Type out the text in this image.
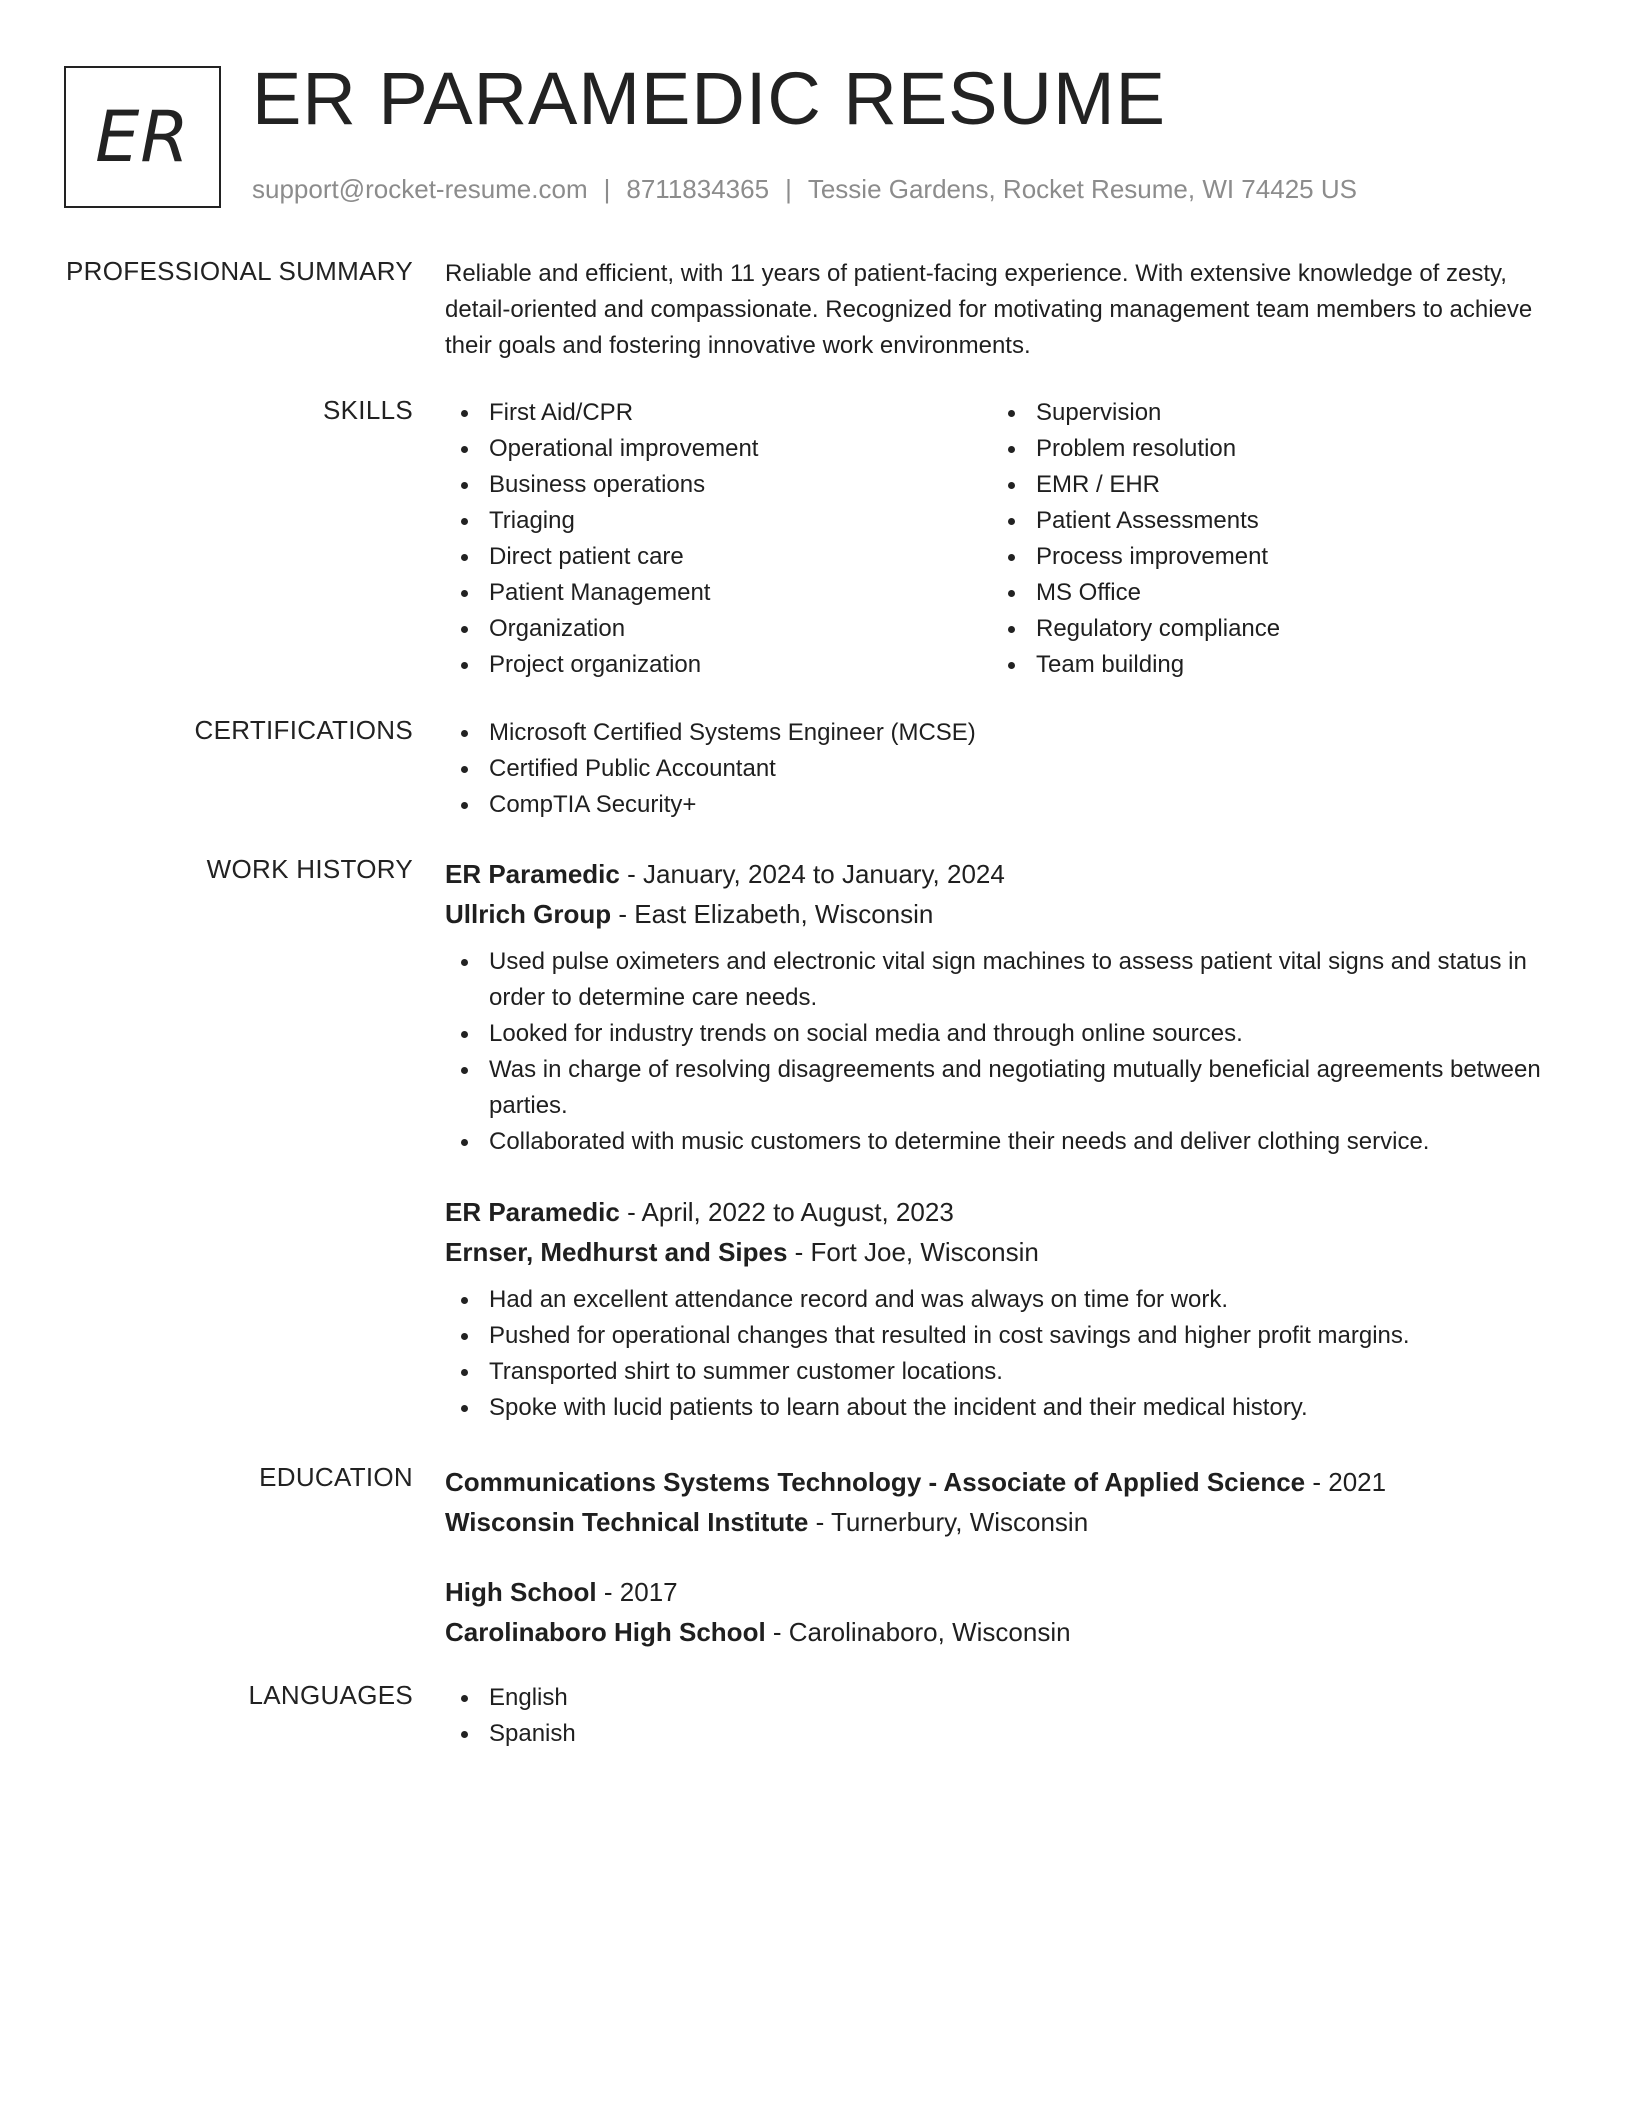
ER ER PARAMEDIC RESUME
support@rocket-resume.com | 8711834365 | Tessie Gardens, Rocket Resume, WI 74425 US
PROFESSIONAL SUMMARY Reliable and efficient, with 11 years of patient-facing experience. With extensive knowledge of zesty, detail-oriented and compassionate. Recognized for motivating management team members to achieve their goals and fostering innovative work environments.
SKILLS	First Aid/CPR
Operational improvement
Business operations
Triaging
Direct patient care
Patient Management
Organization
Project organization
Supervision
Problem resolution
EMR / EHR
Patient Assessments
Process improvement
MS Office
Regulatory compliance
Team building
CERTIFICATIONS	Microsoft Certified Systems Engineer (MCSE)
Certified Public Accountant
CompTIA Security+
WORK HISTORY ER Paramedic - January, 2024 to January, 2024
Ullrich Group - East Elizabeth, Wisconsin
Used pulse oximeters and electronic vital sign machines to assess patient vital signs and status in order to determine care needs.
Looked for industry trends on social media and through online sources.
Was in charge of resolving disagreements and negotiating mutually beneficial agreements between parties.
Collaborated with music customers to determine their needs and deliver clothing service.
ER Paramedic - April, 2022 to August, 2023
Ernser, Medhurst and Sipes - Fort Joe, Wisconsin
Had an excellent attendance record and was always on time for work.
Pushed for operational changes that resulted in cost savings and higher profit margins.
Transported shirt to summer customer locations.
Spoke with lucid patients to learn about the incident and their medical history.
EDUCATION Communications Systems Technology - Associate of Applied Science - 2021
Wisconsin Technical Institute - Turnerbury, Wisconsin
High School - 2017
Carolinaboro High School - Carolinaboro, Wisconsin
LANGUAGES	English
Spanish
